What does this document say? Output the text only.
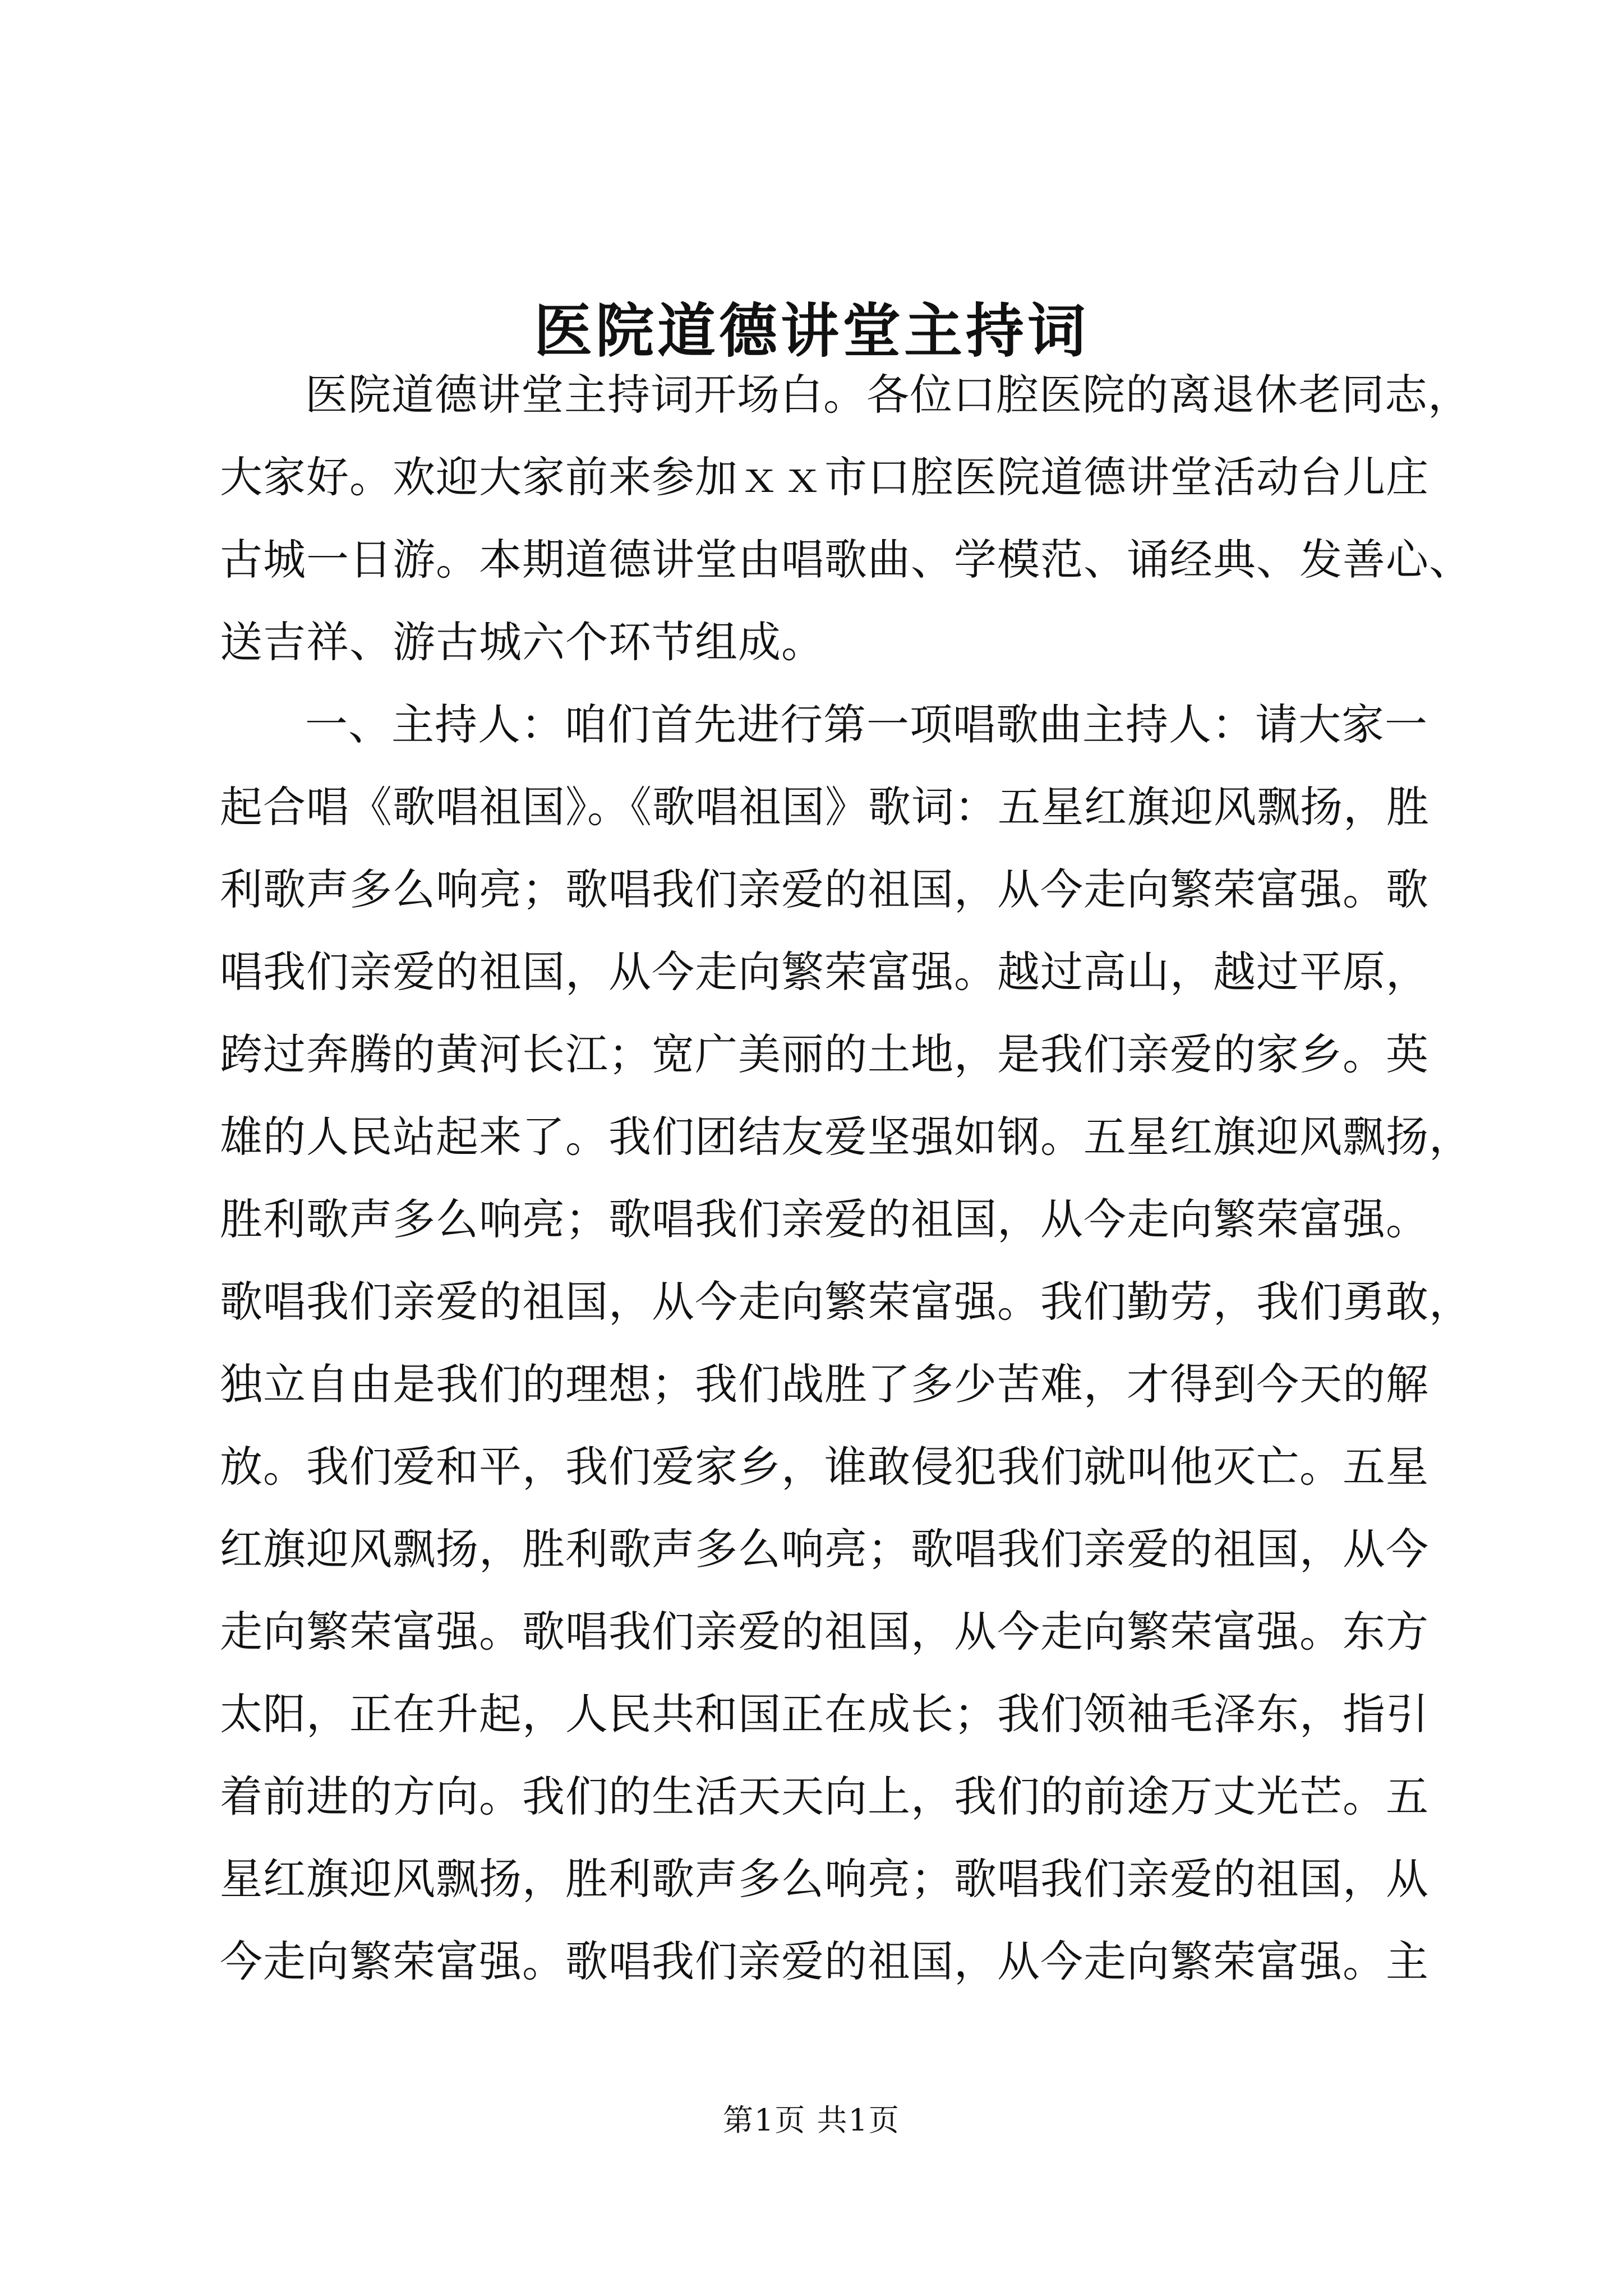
医院道德讲堂主持词
医院道德讲堂主持词开场白。各位口腔医院的离退休老同志，
大家好。欢迎大家前来参加ｘｘ市口腔医院道德讲堂活动台儿庄
古城一日游。本期道德讲堂由唱歌曲、学模范、诵经典、发善心、
送吉祥、游古城六个环节组成。
一、主持人：咱们首先进行第一项唱歌曲主持人：请大家一
起合唱《歌唱祖国》。《歌唱祖国》歌词：五星红旗迎风飘扬，胜
利歌声多么响亮；歌唱我们亲爱的祖国，从今走向繁荣富强。歌
唱我们亲爱的祖国，从今走向繁荣富强。越过高山，越过平原，
跨过奔腾的黄河长江；宽广美丽的土地，是我们亲爱的家乡。英
雄的人民站起来了。我们团结友爱坚强如钢。五星红旗迎风飘扬，
胜利歌声多么响亮；歌唱我们亲爱的祖国，从今走向繁荣富强。
歌唱我们亲爱的祖国，从今走向繁荣富强。我们勤劳，我们勇敢，
独立自由是我们的理想；我们战胜了多少苦难，才得到今天的解
放。我们爱和平，我们爱家乡，谁敢侵犯我们就叫他灭亡。五星
红旗迎风飘扬，胜利歌声多么响亮；歌唱我们亲爱的祖国，从今
走向繁荣富强。歌唱我们亲爱的祖国，从今走向繁荣富强。东方
太阳，正在升起，人民共和国正在成长；我们领袖毛泽东，指引
着前进的方向。我们的生活天天向上，我们的前途万丈光芒。五
星红旗迎风飘扬，胜利歌声多么响亮；歌唱我们亲爱的祖国，从
今走向繁荣富强。歌唱我们亲爱的祖国，从今走向繁荣富强。主
第1页 共1页
